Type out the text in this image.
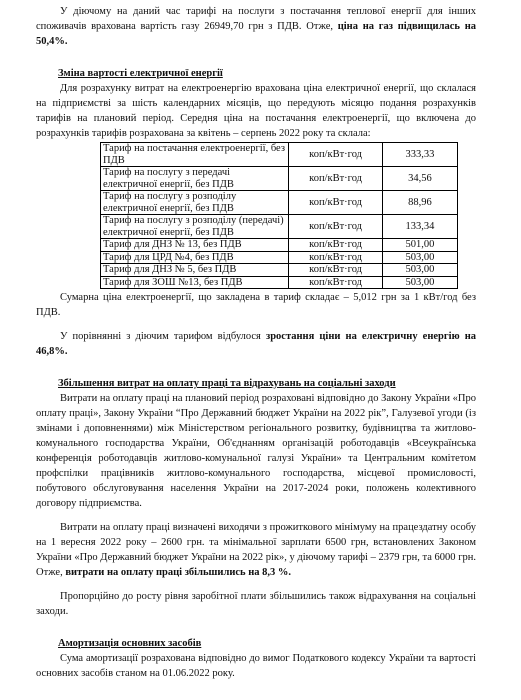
У діючому на даний час тарифі на послуги з постачання теплової енергії для інших споживачів врахована вартість газу 26949,70 грн з ПДВ. Отже, ціна на газ підвищилась на 50,4%.

Зміна вартості електричної енергії

Для розрахунку витрат на електроенергію врахована ціна електричної енергії, що склалася на підприємстві за шість календарних місяців, що передують місяцю подання розрахунків тарифів на плановий період. Середня ціна на постачання електроенергії, що включена до розрахунків тарифів розрахована за квітень – серпень 2022 року та склала:

Тариф на постачання електроенергії, без ПДВ	коп/кВт·год	333,33
Тариф на послугу з передачі електричної енергії, без ПДВ	коп/кВт·год	34,56
Тариф на послугу з розподілу електричної енергії, без ПДВ	коп/кВт·год	88,96
Тариф на послугу з розподілу (передачі) електричної енергії, без ПДВ	коп/кВт·год	133,34
Тариф для ДНЗ № 13, без ПДВ	коп/кВт·год	501,00
Тариф для ЦРД №4, без ПДВ	коп/кВт·год	503,00
Тариф для ДНЗ № 5, без ПДВ	коп/кВт·год	503,00
Тариф для ЗОШ №13, без ПДВ	коп/кВт·год	503,00

Сумарна ціна електроенергії, що закладена в тариф складає – 5,012 грн за 1 кВт/год без ПДВ.

У порівнянні з діючим тарифом відбулося зростання ціни на електричну енергію на 46,8%.

Збільшення витрат на оплату праці та відрахувань на соціальні заходи

Витрати на оплату праці на плановий період розраховані відповідно до Закону України «Про оплату праці», Закону України “Про Державний бюджет України на 2022 рік”, Галузевої угоди (із змінами і доповненнями) між Міністерством регіонального розвитку, будівництва та житлово-комунального господарства України, Об'єднанням організацій роботодавців «Всеукраїнська конференція роботодавців житлово-комунальної галузі України» та Центральним комітетом профспілки працівників житлово-комунального господарства, місцевої промисловості, побутового обслуговування населення України на 2017-2024 роки, положень колективного договору підприємства.

Витрати на оплату праці визначені виходячи з прожиткового мінімуму на працездатну особу на 1 вересня 2022 року – 2600 грн. та мінімальної зарплати 6500 грн, встановлених Законом України «Про Державний бюджет України на 2022 рік», у діючому тарифі – 2379 грн, та 6000 грн. Отже, витрати на оплату праці збільшились на 8,3 %.

Пропорційно до росту рівня заробітної плати збільшились також відрахування на соціальні заходи.

Амортизація основних засобів

Сума амортизації розрахована відповідно до вимог Податкового кодексу України та вартості основних засобів станом на 01.06.2022 року.
